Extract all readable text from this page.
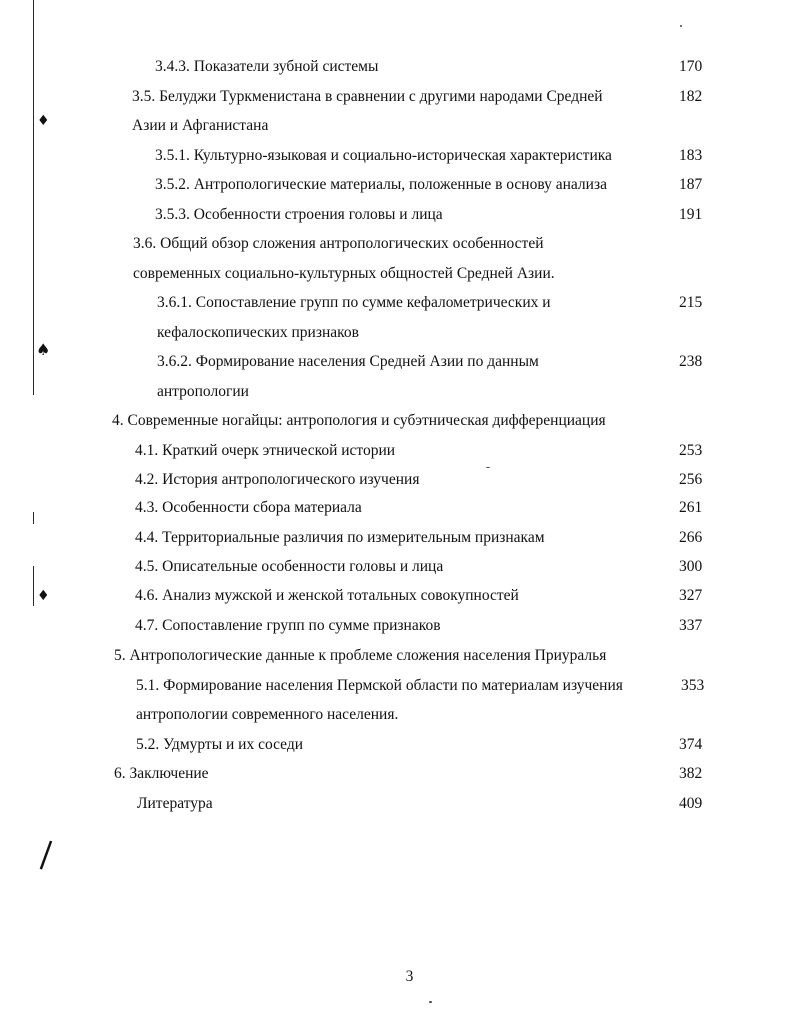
♦
♠
♦
❘
3.4.3. Показатели зубной системы	170
3.5. Белуджи Туркменистана в сравнении с другими народами Средней	182
Азии и Афганистана
3.5.1. Культурно-языковая и социально-историческая характеристика	183
3.5.2. Антропологические материалы, положенные в основу анализа	187
3.5.3. Особенности строения головы и лица	191
3.6. Общий обзор сложения антропологических особенностей
современных социально-культурных общностей Средней Азии.
3.6.1. Сопоставление групп по сумме кефалометрических и	215
кефалоскопических признаков
3.6.2. Формирование населения Средней Азии по данным	238
антропологии
4. Современные ногайцы: антропология и субэтническая дифференциация
4.1. Краткий очерк этнической истории	253
4.2. История антропологического изучения	256
4.3. Особенности сбора материала	261
4.4. Территориальные различия по измерительным признакам	266
4.5. Описательные особенности головы и лица	300
4.6. Анализ мужской и женской тотальных совокупностей	327
4.7. Сопоставление групп по сумме признаков	337
5. Антропологические данные к проблеме сложения населения Приуралья
5.1. Формирование населения Пермской области по материалам изучения	353
антропологии современного населения.
5.2. Удмурты и их соседи	374
6. Заключение	382
Литература	409
3
